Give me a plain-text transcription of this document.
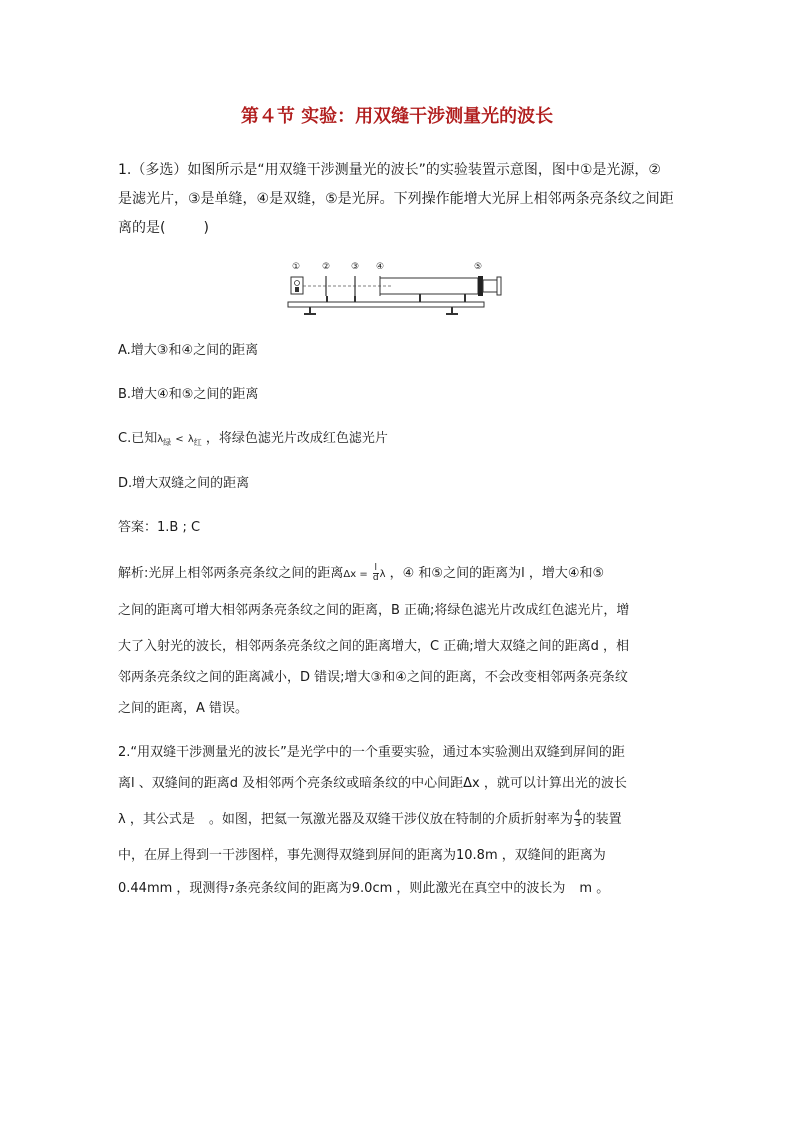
第４节 实验：用双缝干涉测量光的波长
1.（多选）如图所示是“用双缝干涉测量光的波长”的实验装置示意图，图中①是光源，②
是滤光片，③是单缝，④是双缝，⑤是光屏。下列操作能增大光屏上相邻两条亮条纹之间距
离的是(	)
① ② ③ ④	⑤
A.增大③和④之间的距离
B.增大④和⑤之间的距离
C.已知$\lambda_绿 < \lambda_红$ ，将绿色滤光片改成红色滤光片
D.增大双缝之间的距离
答案：1.B ; C
解析:光屏上相邻两条亮条纹之间的距离$\Delta x = \frac{l}{d}$ λ ，④ 和⑤之间的距离为l ，增大④和⑤
之间的距离可增大相邻两条亮条纹之间的距离，B 正确;将绿色滤光片改成红色滤光片，增
大了入射光的波长，相邻两条亮条纹之间的距离增大，C 正确;增大双缝之间的距离d ，相
邻两条亮条纹之间的距离减小，D 错误;增大③和④之间的距离，不会改变相邻两条亮条纹
之间的距离，A 错误。
2.“用双缝干涉测量光的波长”是光学中的一个重要实验，通过本实验测出双缝到屏间的距
离l 、双缝间的距离d 及相邻两个亮条纹或暗条纹的中心间距Δx ，就可以计算出光的波长
λ ，其公式是 。如图，把氦一氖激光器及双缝干涉仪放在特制的介质折射率为 $\frac{4}{3}$ 的装置
中，在屏上得到一干涉图样，事先测得双缝到屏间的距离为10.8m ，双缝间的距离为
0.44mm ，现测得7条亮条纹间的距离为9.0cm ，则此激光在真空中的波长为 m 。
